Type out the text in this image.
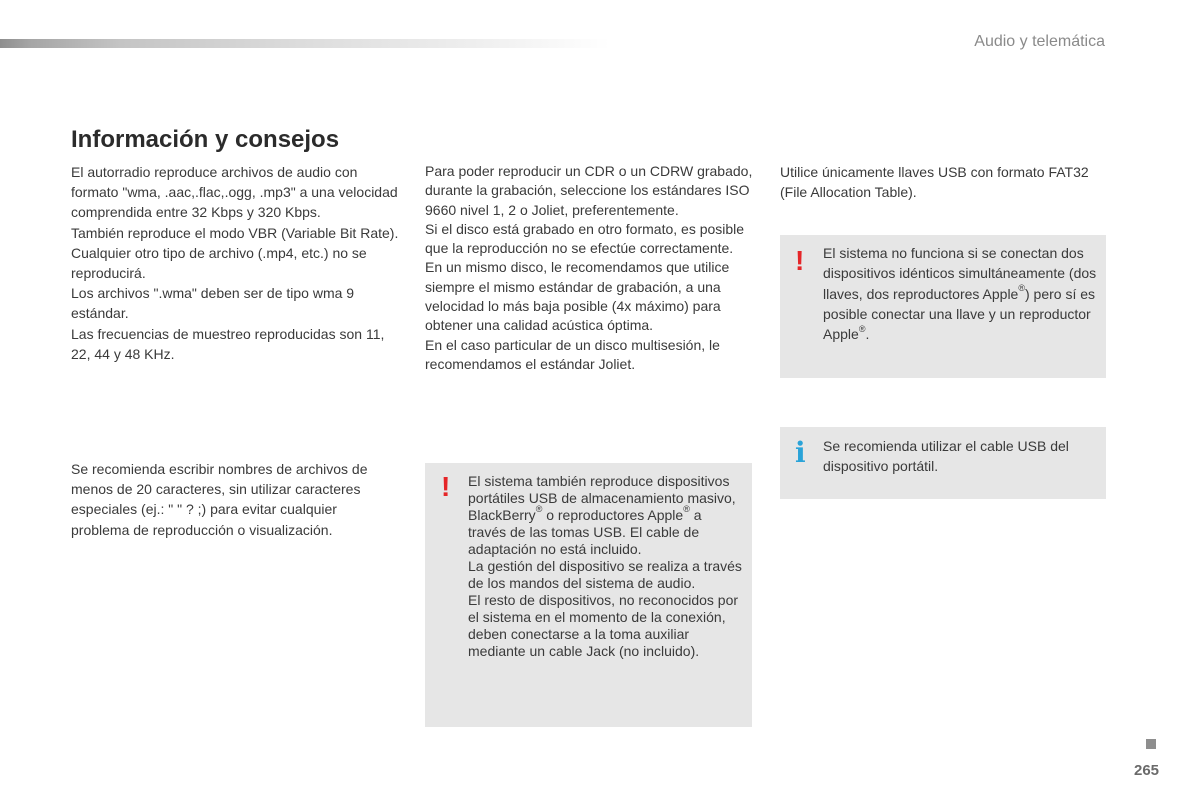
Audio y telemática
Información y consejos

El autorradio reproduce archivos de audio con formato "wma, .aac,.flac,.ogg, .mp3" a una velocidad comprendida entre 32 Kbps y 320 Kbps.

También reproduce el modo VBR (Variable Bit Rate).

Cualquier otro tipo de archivo (.mp4, etc.) no se reproducirá.

Los archivos ".wma" deben ser de tipo wma 9 estándar.

Las frecuencias de muestreo reproducidas son 11, 22, 44 y 48 KHz.

Se recomienda escribir nombres de archivos de menos de 20 caracteres, sin utilizar caracteres especiales (ej.: " " ? ;) para evitar cualquier problema de reproducción o visualización.

Para poder reproducir un CDR o un CDRW grabado, durante la grabación, seleccione los estándares ISO 9660 nivel 1, 2 o Joliet, preferentemente.

Si el disco está grabado en otro formato, es posible que la reproducción no se efectúe correctamente.

En un mismo disco, le recomendamos que utilice siempre el mismo estándar de grabación, a una velocidad lo más baja posible (4x máximo) para obtener una calidad acústica óptima.

En el caso particular de un disco multisesión, le recomendamos el estándar Joliet.

Utilice únicamente llaves USB con formato FAT32 (File Allocation Table).

! El sistema también reproduce dispositivos portátiles USB de almacenamiento masivo, BlackBerry® o reproductores Apple® a través de las tomas USB. El cable de adaptación no está incluido.

La gestión del dispositivo se realiza a través de los mandos del sistema de audio.

El resto de dispositivos, no reconocidos por el sistema en el momento de la conexión, deben conectarse a la toma auxiliar mediante un cable Jack (no incluido).

! El sistema no funciona si se conectan dos dispositivos idénticos simultáneamente (dos llaves, dos reproductores Apple®) pero sí es posible conectar una llave y un reproductor Apple®.

i Se recomienda utilizar el cable USB del dispositivo portátil.

265
